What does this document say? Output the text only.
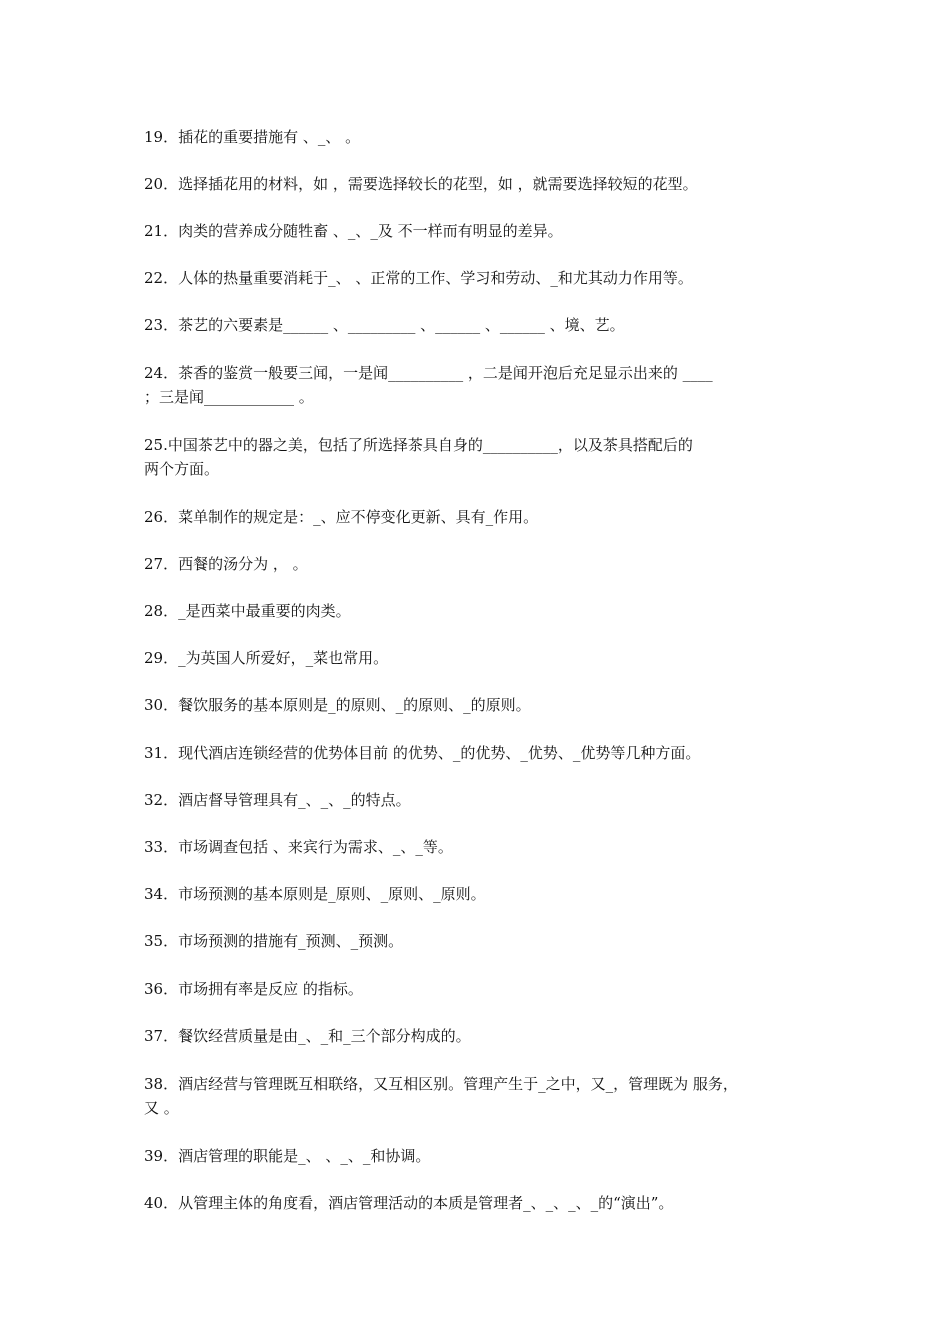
19．插花的重要措施有 、_、 。
20．选择插花用的材料，如 ，需要选择较长的花型，如 ，就需要选择较短的花型。
21．肉类的营养成分随牲畜 、_、_及 不一样而有明显的差异。
22．人体的热量重要消耗于_、 、正常的工作、学习和劳动、_和尤其动力作用等。
23．茶艺的六要素是______ 、_________ 、______ 、______ 、境、艺。
24．茶香的鉴赏一般要三闻，一是闻__________ ，二是闻开泡后充足显示出来的 ____
；三是闻____________ 。
25.中国茶艺中的器之美，包括了所选择茶具自身的__________，以及茶具搭配后的
两个方面。
26．菜单制作的规定是：_、应不停变化更新、具有_作用。
27．西餐的汤分为 ， 。
28．_是西菜中最重要的肉类。
29．_为英国人所爱好，_菜也常用。
30．餐饮服务的基本原则是_的原则、_的原则、_的原则。
31．现代酒店连锁经营的优势体目前 的优势、_的优势、_优势、_优势等几种方面。
32．酒店督导管理具有_、_、_的特点。
33．市场调查包括 、来宾行为需求、_、_等。
34．市场预测的基本原则是_原则、_原则、_原则。
35．市场预测的措施有_预测、_预测。
36．市场拥有率是反应 的指标。
37．餐饮经营质量是由_、_和_三个部分构成的。
38．酒店经营与管理既互相联络，又互相区别。管理产生于_之中，又_，管理既为 服务，
又 。
39．酒店管理的职能是_、 、_、_和协调。
40．从管理主体的角度看，酒店管理活动的本质是管理者_、_、_、_的“演出”。
